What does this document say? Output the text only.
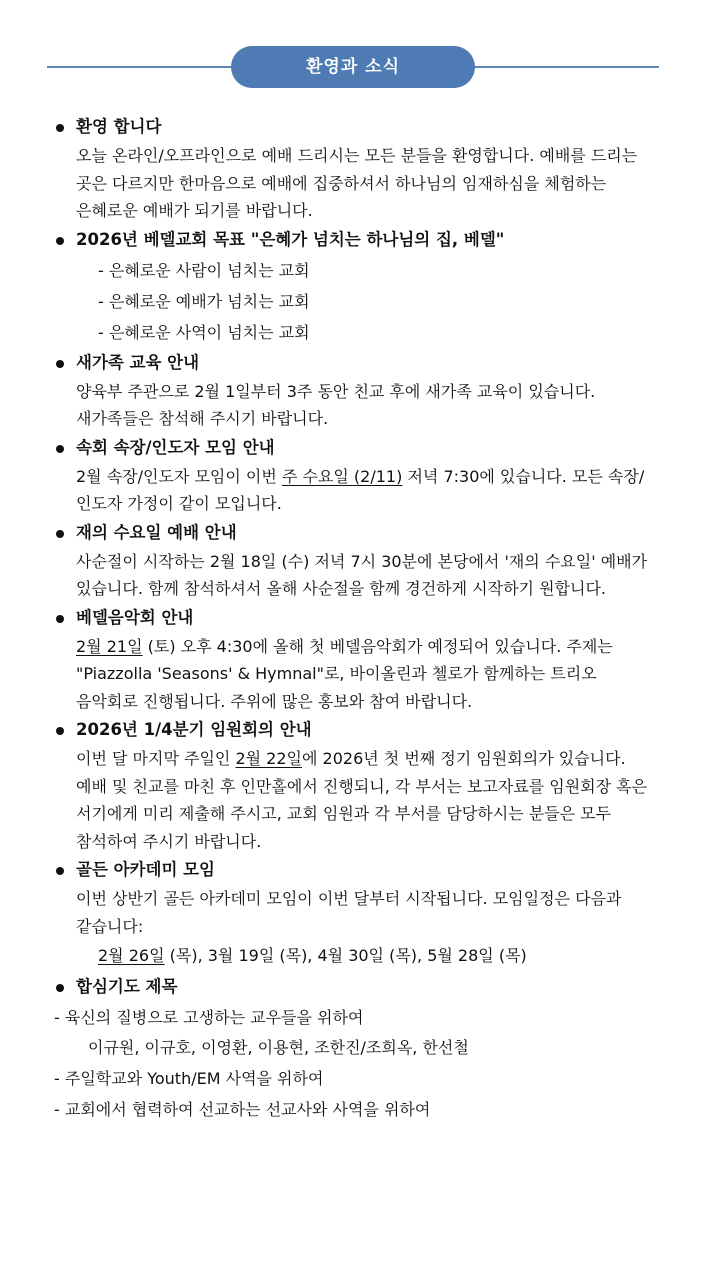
환영과 소식

환영 합니다

오늘 온라인/오프라인으로 예배 드리시는 모든 분들을 환영합니다. 예배를 드리는 곳은 다르지만 한마음으로 예배에 집중하셔서 하나님의 임재하심을 체험하는 은혜로운 예배가 되기를 바랍니다.

2026년 베델교회 목표 "은혜가 넘치는 하나님의 집, 베델"

- 은혜로운 사람이 넘치는 교회

- 은혜로운 예배가 넘치는 교회

- 은혜로운 사역이 넘치는 교회

새가족 교육 안내

양육부 주관으로 2월 1일부터 3주 동안 친교 후에 새가족 교육이 있습니다. 새가족들은 참석해 주시기 바랍니다.

속회 속장/인도자 모임 안내

2월 속장/인도자 모임이 이번 주 수요일 (2/11) 저녁 7:30에 있습니다. 모든 속장/인도자 가정이 같이 모입니다.

재의 수요일 예배 안내

사순절이 시작하는 2월 18일 (수) 저녁 7시 30분에 본당에서 '재의 수요일' 예배가 있습니다. 함께 참석하셔서 올해 사순절을 함께 경건하게 시작하기 원합니다.

베델음악회 안내

2월 21일 (토) 오후 4:30에 올해 첫 베델음악회가 예정되어 있습니다. 주제는 "Piazzolla 'Seasons' & Hymnal"로, 바이올린과 첼로가 함께하는 트리오 음악회로 진행됩니다. 주위에 많은 홍보와 참여 바랍니다.

2026년 1/4분기 임원회의 안내

이번 달 마지막 주일인 2월 22일에 2026년 첫 번째 정기 임원회의가 있습니다. 예배 및 친교를 마친 후 인만홀에서 진행되니, 각 부서는 보고자료를 임원회장 혹은 서기에게 미리 제출해 주시고, 교회 임원과 각 부서를 담당하시는 분들은 모두 참석하여 주시기 바랍니다.

골든 아카데미 모임

이번 상반기 골든 아카데미 모임이 이번 달부터 시작됩니다. 모임일정은 다음과 같습니다:

2월 26일 (목), 3월 19일 (목), 4월 30일 (목), 5월 28일 (목)

합심기도 제목

- 육신의 질병으로 고생하는 교우들을 위하여

이규원, 이규호, 이영환, 이용현, 조한진/조희옥, 한선철

- 주일학교와 Youth/EM 사역을 위하여

- 교회에서 협력하여 선교하는 선교사와 사역을 위하여
